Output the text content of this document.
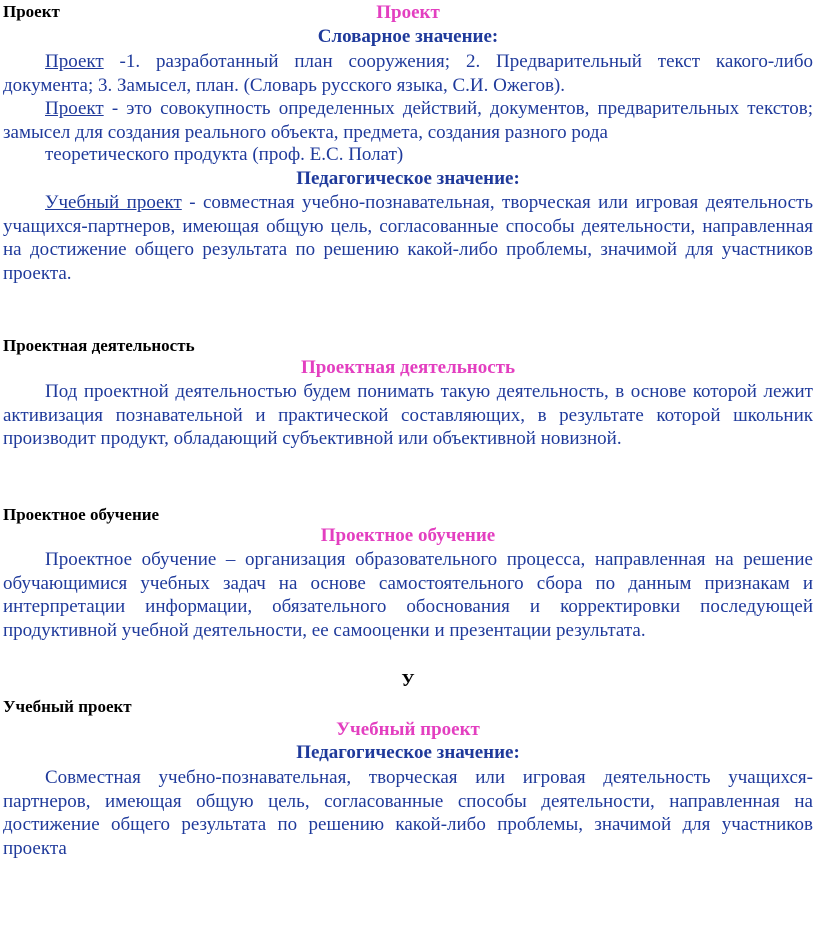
Проект	Проект
Словарное значение:
Проект -1. разработанный план сооружения; 2. Предварительный текст какого-либо документа; 3. Замысел, план. (Словарь русского языка, С.И. Ожегов).
Проект - это совокупность определенных действий, документов, предварительных текстов; замысел для создания реального объекта, предмета, создания разного рода
теоретического продукта (проф. Е.С. Полат)
Педагогическое значение:
Учебный проект - совместная учебно-познавательная, творческая или игровая деятельность учащихся-партнеров, имеющая общую цель, согласованные способы деятельности, направленная на достижение общего результата по решению какой-либо проблемы, значимой для участников проекта.
Проектная деятельность
Проектная деятельность
Под проектной деятельностью будем понимать такую деятельность, в основе которой лежит активизация познавательной и практической составляющих, в результате которой школьник производит продукт, обладающий субъективной или объективной новизной.
Проектное обучение
Проектное обучение
Проектное обучение – организация образовательного процесса, направленная на решение обучающимися учебных задач на основе самостоятельного сбора по данным признакам и интерпретации информации, обязательного обоснования и корректировки последующей продуктивной учебной деятельности, ее самооценки и презентации результата.
У
Учебный проект
Учебный проект
Педагогическое значение:
Совместная учебно-познавательная, творческая или игровая деятельность учащихся-партнеров, имеющая общую цель, согласованные способы деятельности, направленная на достижение общего результата по решению какой-либо проблемы, значимой для участников проекта
